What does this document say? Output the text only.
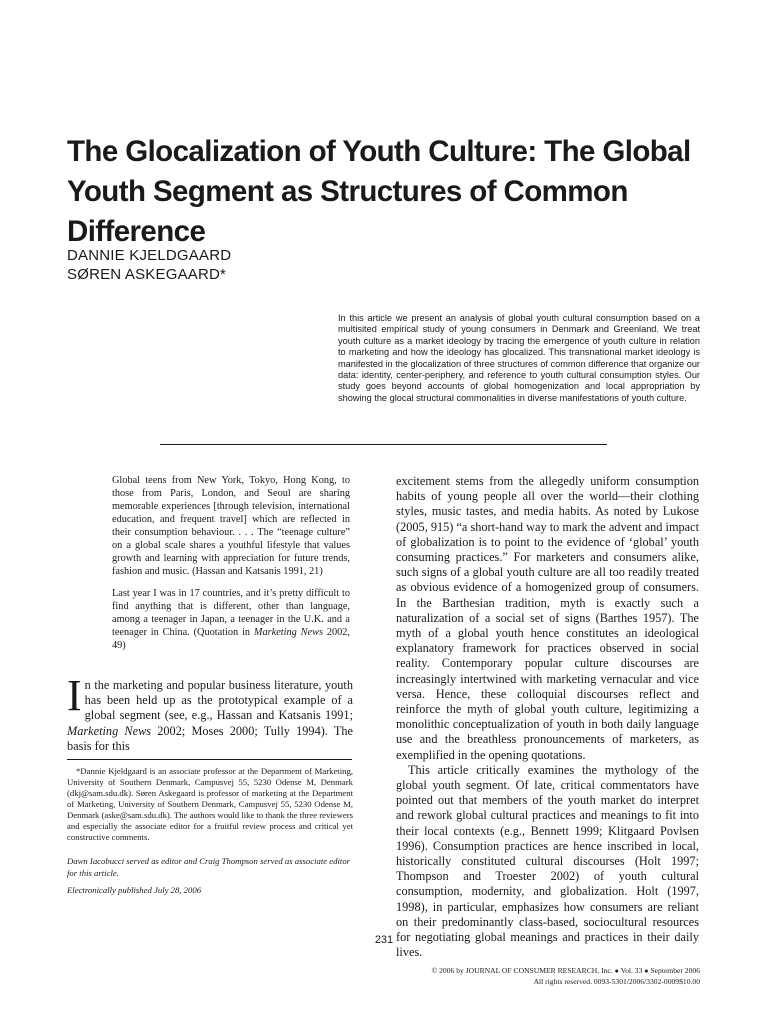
The Glocalization of Youth Culture: The Global Youth Segment as Structures of Common Difference
DANNIE KJELDGAARD
SØREN ASKEGAARD*
In this article we present an analysis of global youth cultural consumption based on a multisited empirical study of young consumers in Denmark and Greenland. We treat youth culture as a market ideology by tracing the emergence of youth culture in relation to marketing and how the ideology has glocalized. This transnational market ideology is manifested in the glocalization of three structures of common difference that organize our data: identity, center-periphery, and reference to youth cultural consumption styles. Our study goes beyond accounts of global homogenization and local appropriation by showing the glocal structural commonalities in diverse manifestations of youth culture.
Global teens from New York, Tokyo, Hong Kong, to those from Paris, London, and Seoul are sharing memorable experiences [through television, international education, and frequent travel] which are reflected in their consumption behaviour. . . . The “teenage culture” on a global scale shares a youthful lifestyle that values growth and learning with appreciation for future trends, fashion and music. (Hassan and Katsanis 1991, 21)
Last year I was in 17 countries, and it’s pretty difficult to find anything that is different, other than language, among a teenager in Japan, a teenager in the U.K. and a teenager in China. (Quotation in Marketing News 2002, 49)
In the marketing and popular business literature, youth has been held up as the prototypical example of a global segment (see, e.g., Hassan and Katsanis 1991; Marketing News 2002; Moses 2000; Tully 1994). The basis for this
*Dannie Kjeldgaard is an associate professor at the Department of Marketing, University of Southern Denmark, Campusvej 55, 5230 Odense M, Denmark (dkj@sam.sdu.dk). Søren Askegaard is professor of marketing at the Department of Marketing, University of Southern Denmark, Campusvej 55, 5230 Odense M, Denmark (aske@sam.sdu.dk). The authors would like to thank the three reviewers and especially the associate editor for a fruitful review process and critical yet constructive comments.
Dawn Iacobucci served as editor and Craig Thompson served as associate editor for this article.
Electronically published July 28, 2006

excitement stems from the allegedly uniform consumption habits of young people all over the world—their clothing styles, music tastes, and media habits. As noted by Lukose (2005, 915) “a short-hand way to mark the advent and impact of globalization is to point to the evidence of ‘global’ youth consuming practices.” For marketers and consumers alike, such signs of a global youth culture are all too readily treated as obvious evidence of a homogenized group of consumers. In the Barthesian tradition, myth is exactly such a naturalization of a social set of signs (Barthes 1957). The myth of a global youth hence constitutes an ideological explanatory framework for practices observed in social reality. Contemporary popular culture discourses are increasingly intertwined with marketing vernacular and vice versa. Hence, these colloquial discourses reflect and reinforce the myth of global youth culture, legitimizing a monolithic conceptualization of youth in both daily language use and the breathless pronouncements of marketers, as exemplified in the opening quotations.

This article critically examines the mythology of the global youth segment. Of late, critical commentators have pointed out that members of the youth market do interpret and rework global cultural practices and meanings to fit into their local contexts (e.g., Bennett 1999; Klitgaard Povlsen 1996). Consumption practices are hence inscribed in local, historically constituted cultural discourses (Holt 1997; Thompson and Troester 2002) of youth cultural consumption, modernity, and globalization. Holt (1997, 1998), in particular, emphasizes how consumers are reliant on their predominantly class-based, sociocultural resources for negotiating global meanings and practices in their daily lives.

231
© 2006 by JOURNAL OF CONSUMER RESEARCH, Inc. ● Vol. 33 ● September 2006
All rights reserved. 0093-5301/2006/3302-0009$10.00
